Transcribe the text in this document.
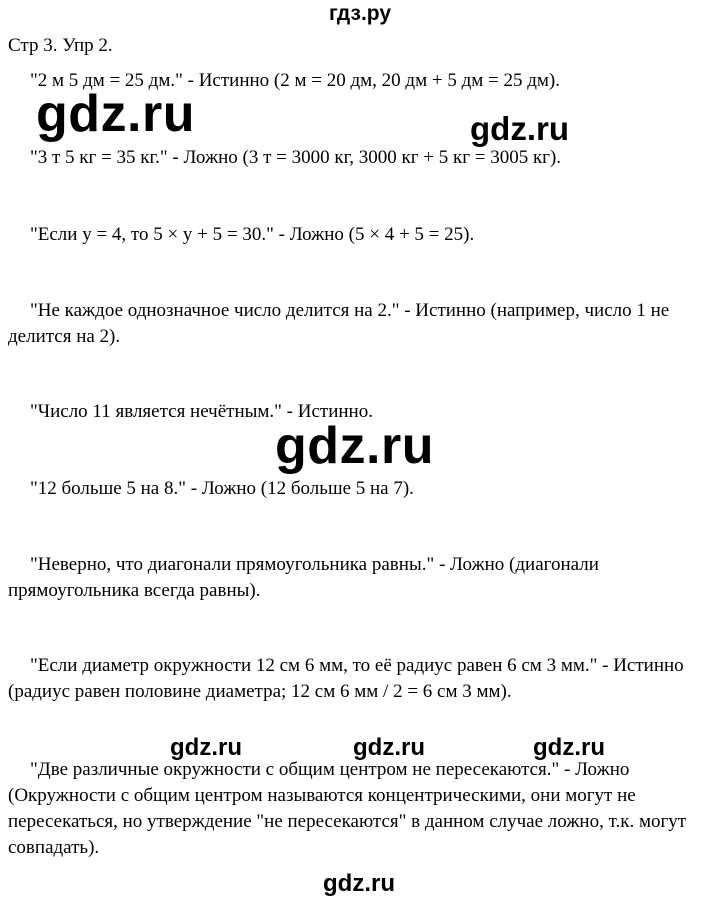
гдз.ру
Стр 3. Упр 2.
"2 м 5 дм = 25 дм." - Истинно (2 м = 20 дм, 20 дм + 5 дм = 25 дм).
"3 т 5 кг = 35 кг." - Ложно (3 т = 3000 кг, 3000 кг + 5 кг = 3005 кг).
"Если у = 4, то 5 × у + 5 = 30." - Ложно (5 × 4 + 5 = 25).
"Не каждое однозначное число делится на 2." - Истинно (например, число 1 не делится на 2).
"Число 11 является нечётным." - Истинно.
"12 больше 5 на 8." - Ложно (12 больше 5 на 7).
"Неверно, что диагонали прямоугольника равны." - Ложно (диагонали прямоугольника всегда равны).
"Если диаметр окружности 12 см 6 мм, то её радиус равен 6 см 3 мм." - Истинно (радиус равен половине диаметра; 12 см 6 мм / 2 = 6 см 3 мм).
"Две различные окружности с общим центром не пересекаются." - Ложно (Окружности с общим центром называются концентрическими, они могут не пересекаться, но утверждение "не пересекаются" в данном случае ложно, т.к. могут совпадать).
gdz.ru	gdz.ru
gdz.ru
gdz.ru	gdz.ru	gdz.ru
gdz.ru
